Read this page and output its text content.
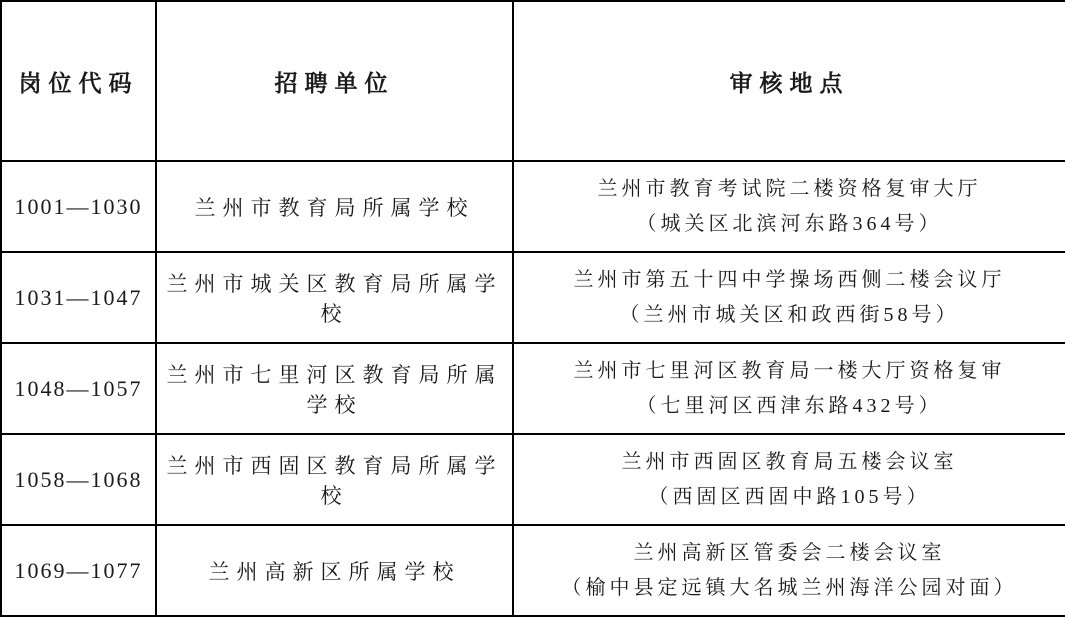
岗位代码	招聘单位	审核地点
1001—1030	兰州市教育局所属学校	兰州市教育考试院二楼资格复审大厅
（城关区北滨河东路364号）

1031—1047	兰州市城关区教育局所属学校	兰州市第五十四中学操场西侧二楼会议厅
（兰州市城关区和政西街58号）

1048—1057	兰州市七里河区教育局所属学校	兰州市七里河区教育局一楼大厅资格复审
（七里河区西津东路432号）

1058—1068	兰州市西固区教育局所属学校	兰州市西固区教育局五楼会议室
（西固区西固中路105号）

1069—1077	兰州高新区所属学校	兰州高新区管委会二楼会议室
（榆中县定远镇大名城兰州海洋公园对面）
